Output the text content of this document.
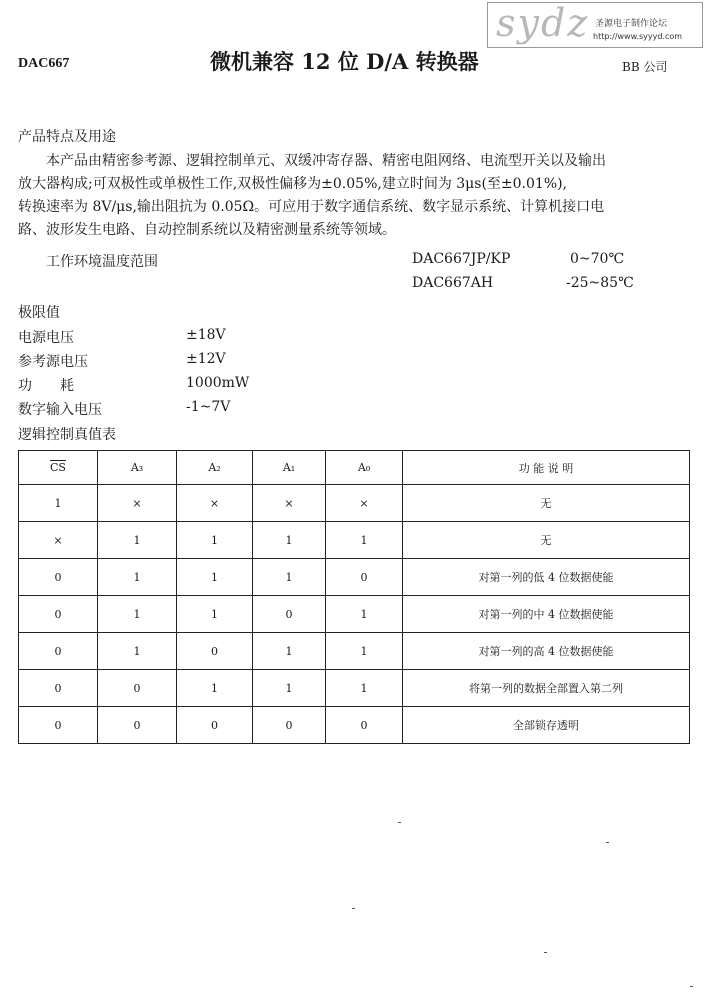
sydz 圣源电子制作论坛
http://www.syyyd.com
DAC667	微机兼容 12 位 D/A 转换器	BB 公司
产品特点及用途
本产品由精密参考源、逻辑控制单元、双缓冲寄存器、精密电阻网络、电流型开关以及输出
放大器构成;可双极性或单极性工作,双极性偏移为±0.05%,建立时间为 3μs(至±0.01%),
转换速率为 8V/μs,输出阻抗为 0.05Ω。可应用于数字通信系统、数字显示系统、计算机接口电
路、波形发生电路、自动控制系统以及精密测量系统等领域。
工作环境温度范围	DAC667JP/KP	0~70℃
DAC667AH	-25~85℃
极限值
电源电压	±18V
参考源电压	±12V
功　　耗	1000mW
数字输入电压	-1~7V
逻辑控制真值表
$\overline{CS}$	A₃	A₂	A₁	A₀	功 能 说 明
1	×	×	×	×	无
×	1	1	1	1	无
0	1	1	1	0	对第一列的低 4 位数据使能
0	1	1	0	1	对第一列的中 4 位数据使能
0	1	0	1	1	对第一列的高 4 位数据使能
0	0	1	1	1	将第一列的数据全部置入第二列
0	0	0	0	0	全部锁存透明
